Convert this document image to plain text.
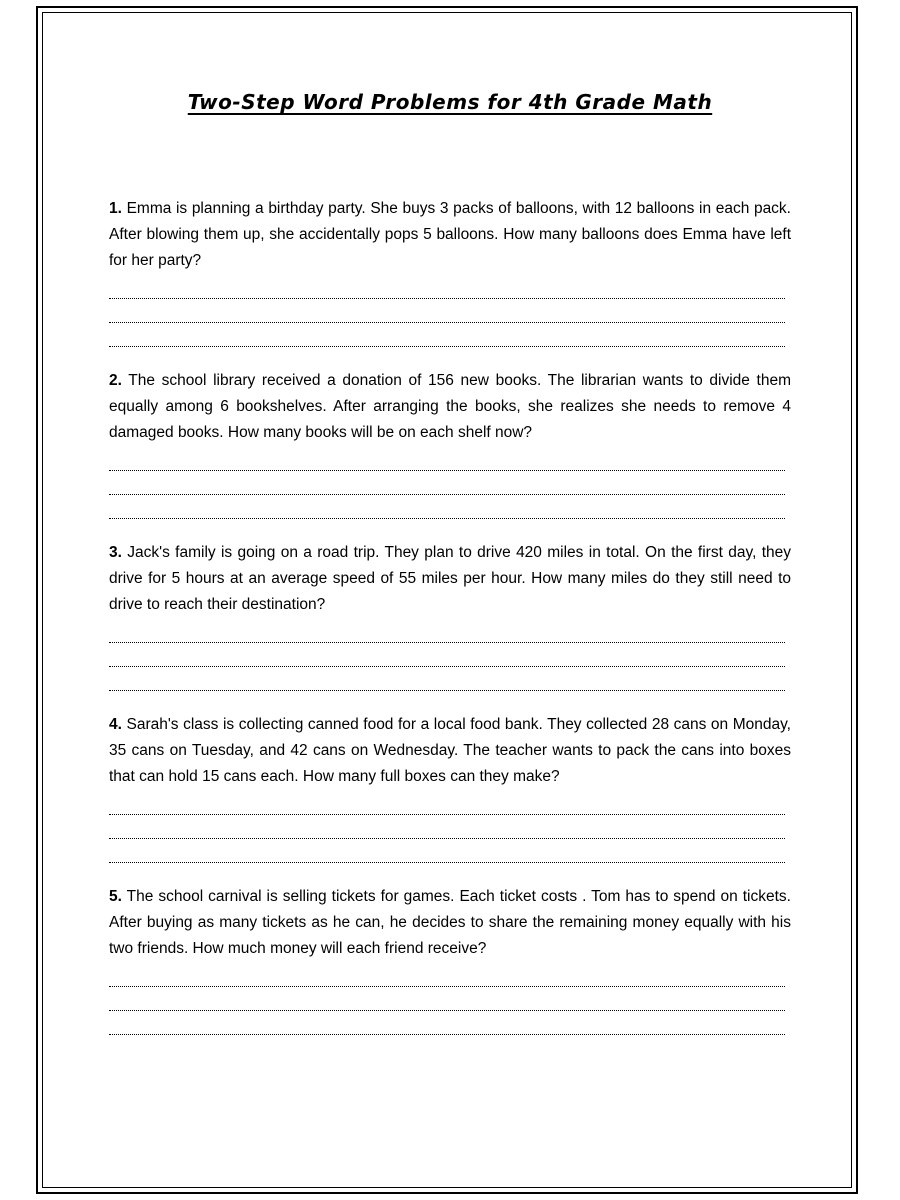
Two-Step Word Problems for 4th Grade Math

1. Emma is planning a birthday party. She buys 3 packs of balloons, with 12 balloons in each pack. After blowing them up, she accidentally pops 5 balloons. How many balloons does Emma have left for her party?

2. The school library received a donation of 156 new books. The librarian wants to divide them equally among 6 bookshelves. After arranging the books, she realizes she needs to remove 4 damaged books. How many books will be on each shelf now?

3. Jack's family is going on a road trip. They plan to drive 420 miles in total. On the first day, they drive for 5 hours at an average speed of 55 miles per hour. How many miles do they still need to drive to reach their destination?

4. Sarah's class is collecting canned food for a local food bank. They collected 28 cans on Monday, 35 cans on Tuesday, and 42 cans on Wednesday. The teacher wants to pack the cans into boxes that can hold 15 cans each. How many full boxes can they make?

5. The school carnival is selling tickets for games. Each ticket costs . Tom has to spend on tickets. After buying as many tickets as he can, he decides to share the remaining money equally with his two friends. How much money will each friend receive?
